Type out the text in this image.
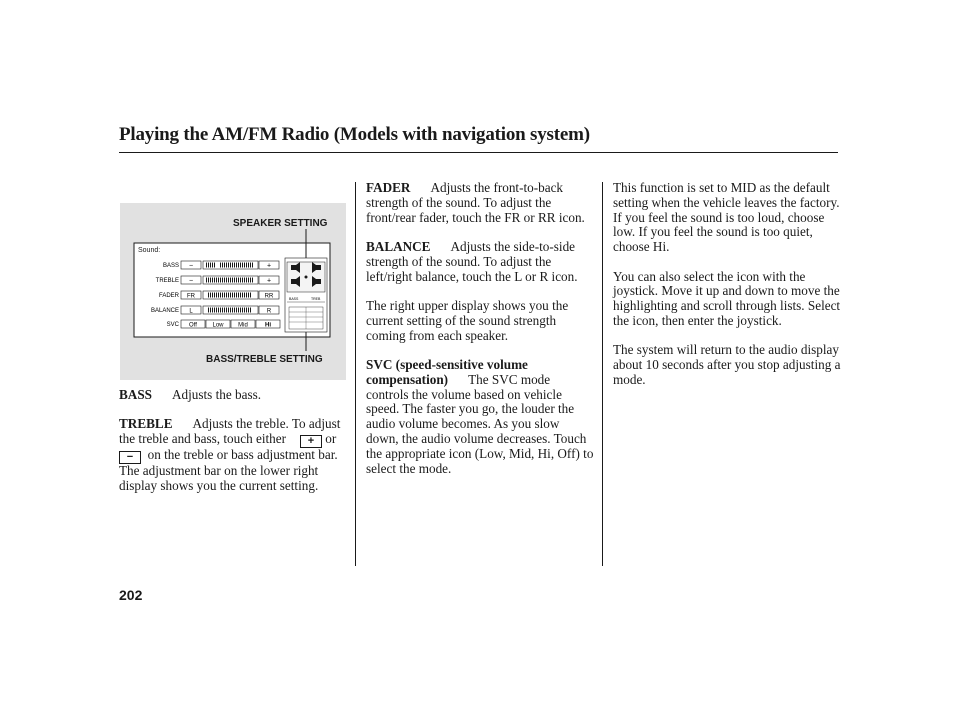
Playing the AM/FM Radio (Models with navigation system)
SPEAKER SETTING
BASS/TREBLE SETTING
Sound:
BASS −	+
TREBLE −	+
FADER FR	RR
BALANCE L	R
SVC Off	Low Mid	Hi
BASS	TREB

BASS Adjusts the bass.

TREBLE Adjusts the treble. To adjust the treble and bass, touch either + or  − on the treble or bass adjustment bar. The adjustment bar on the lower right display shows you the current setting.

FADER Adjusts the front-to-back strength of the sound. To adjust the front/rear fader, touch the FR or RR icon.

BALANCE Adjusts the side-to-side strength of the sound. To adjust the left/right balance, touch the L or R icon.

The right upper display shows you the current setting of the sound strength coming from each speaker.

SVC (speed-sensitive volume compensation) The SVC mode controls the volume based on vehicle speed. The faster you go, the louder the audio volume becomes. As you slow down, the audio volume decreases. Touch the appropriate icon (Low, Mid, Hi, Off) to select the mode.

This function is set to MID as the default setting when the vehicle leaves the factory. If you feel the sound is too loud, choose low. If you feel the sound is too quiet, choose Hi.

You can also select the icon with the joystick. Move it up and down to move the highlighting and scroll through lists. Select the icon, then enter the joystick.

The system will return to the audio display about 10 seconds after you stop adjusting a mode.

202
